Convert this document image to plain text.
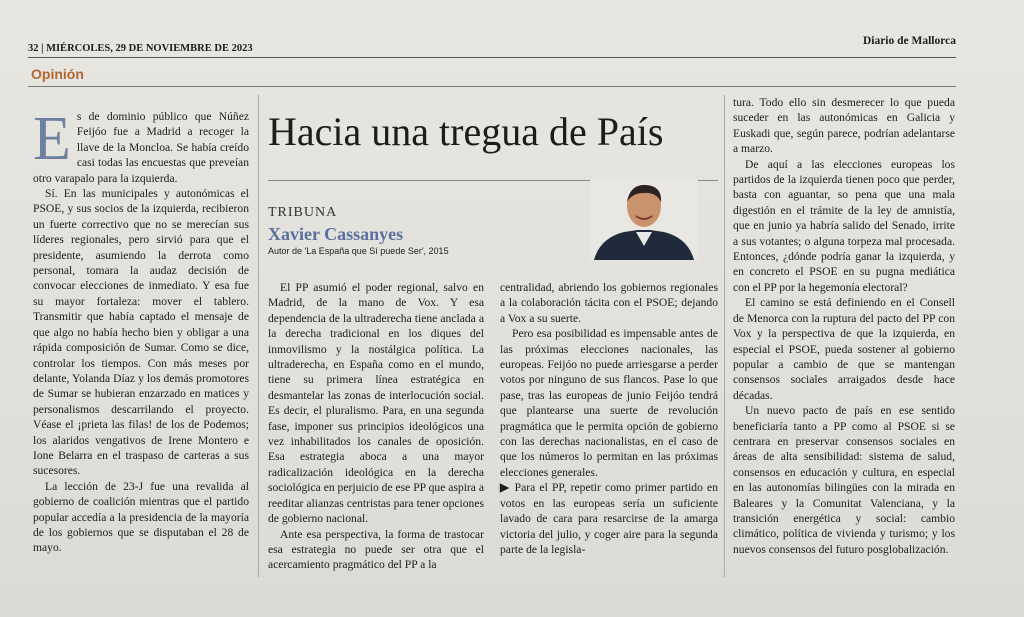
32 | MIÉRCOLES, 29 DE NOVIEMBRE DE 2023
Diario de Mallorca
Opinión
E s de dominio público que Núñez Feijóo fue a Madrid a recoger la llave de la Moncloa. Se había creído casi todas las encuestas que preveían otro varapalo para la izquierda.

Sí. En las municipales y autonómicas el PSOE, y sus socios de la izquierda, recibieron un fuerte correctivo que no se merecían sus líderes regionales, pero sirvió para que el presidente, asumiendo la derrota como personal, tomara la audaz decisión de convocar elecciones de inmediato. Y esa fue su mayor fortaleza: mover el tablero. Transmitir que había captado el mensaje de que algo no había hecho bien y obligar a una rápida composición de Sumar. Como se dice, controlar los tiempos. Con más meses por delante, Yolanda Díaz y los demás promotores de Sumar se hubieran enzarzado en matices y personalismos descarrilando el proyecto. Véase el ¡prieta las filas! de los de Podemos; los alaridos vengativos de Irene Montero e Ione Belarra en el traspaso de carteras a sus sucesores.

La lección de 23-J fue una revalida al gobierno de coalición mientras que el partido popular accedía a la presidencia de la mayoría de los gobiernos que se disputaban el 28 de mayo.

Hacia una tregua de País
TRIBUNA
Xavier Cassanyes
Autor de 'La España que Sí puede Ser', 2015

El PP asumió el poder regional, salvo en Madrid, de la mano de Vox. Y esa dependencia de la ultraderecha tiene anclada a la derecha tradicional en los diques del inmovilismo y la nostálgica política. La ultraderecha, en España como en el mundo, tiene su primera línea estratégica en desmantelar las zonas de interlocución social. Es decir, el pluralismo. Para, en una segunda fase, imponer sus principios ideológicos una vez inhabilitados los canales de oposición. Esa estrategia aboca a una mayor radicalización ideológica en la derecha sociológica en perjuicio de ese PP que aspira a reeditar alianzas centristas para tener opciones de gobierno nacional.

Ante esa perspectiva, la forma de trastocar esa estrategia no puede ser otra que el acercamiento pragmático del PP a la

centralidad, abriendo los gobiernos regionales a la colaboración tácita con el PSOE; dejando a Vox a su suerte.

Pero esa posibilidad es impensable antes de las próximas elecciones nacionales, las europeas. Feijóo no puede arriesgarse a perder votos por ninguno de sus flancos. Pase lo que pase, tras las europeas de junio Feijóo tendrá que plantearse una suerte de revolución pragmática que le permita opción de gobierno con las derechas nacionalistas, en el caso de que los números lo permitan en las próximas elecciones generales.

▶ Para el PP, repetir como primer partido en votos en las europeas sería un suficiente lavado de cara para resarcirse de la amarga victoria del julio, y coger aire para la segunda parte de la legisla-

tura. Todo ello sin desmerecer lo que pueda suceder en las autonómicas en Galicia y Euskadi que, según parece, podrían adelantarse a marzo.

De aquí a las elecciones europeas los partidos de la izquierda tienen poco que perder, basta con aguantar, so pena que una mala digestión en el trámite de la ley de amnistía, que en junio ya habría salido del Senado, irrite a sus votantes; o alguna torpeza mal procesada. Entonces, ¿dónde podría ganar la izquierda, y en concreto el PSOE en su pugna mediática con el PP por la hegemonía electoral?

El camino se está definiendo en el Consell de Menorca con la ruptura del pacto del PP con Vox y la perspectiva de que la izquierda, en especial el PSOE, pueda sostener al gobierno popular a cambio de que se mantengan consensos sociales arraigados desde hace décadas.

Un nuevo pacto de país en ese sentido beneficiaría tanto a PP como al PSOE si se centrara en preservar consensos sociales en áreas de alta sensibilidad: sistema de salud, consensos en educación y cultura, en especial en las autonomías bilingües con la mirada en Baleares y la Comunitat Valenciana, y la transición energética y social: cambio climático, política de vivienda y turismo; y los nuevos consensos del futuro posglobalización.
